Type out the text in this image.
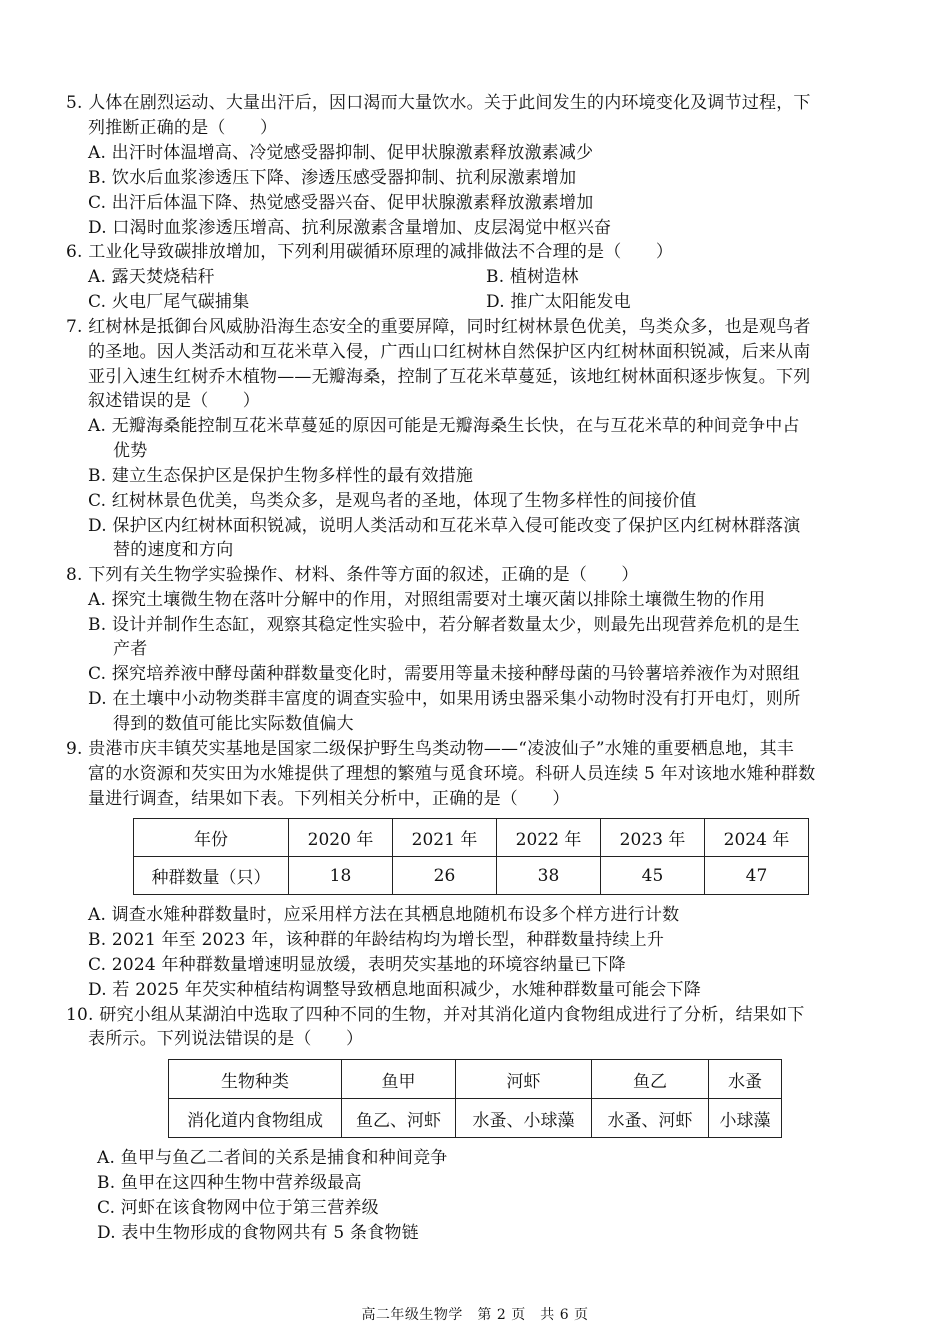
5. 人体在剧烈运动、大量出汗后，因口渴而大量饮水。关于此间发生的内环境变化及调节过程，下
列推断正确的是（　　）
A. 出汗时体温增高、冷觉感受器抑制、促甲状腺激素释放激素减少
B. 饮水后血浆渗透压下降、渗透压感受器抑制、抗利尿激素增加
C. 出汗后体温下降、热觉感受器兴奋、促甲状腺激素释放激素增加
D. 口渴时血浆渗透压增高、抗利尿激素含量增加、皮层渴觉中枢兴奋
6. 工业化导致碳排放增加，下列利用碳循环原理的减排做法不合理的是（　　）
A. 露天焚烧秸秆	B. 植树造林
C. 火电厂尾气碳捕集	D. 推广太阳能发电
7. 红树林是抵御台风威胁沿海生态安全的重要屏障，同时红树林景色优美，鸟类众多，也是观鸟者
的圣地。因人类活动和互花米草入侵，广西山口红树林自然保护区内红树林面积锐减，后来从南
亚引入速生红树乔木植物——无瓣海桑，控制了互花米草蔓延，该地红树林面积逐步恢复。下列
叙述错误的是（　　）
A. 无瓣海桑能控制互花米草蔓延的原因可能是无瓣海桑生长快，在与互花米草的种间竞争中占
优势
B. 建立生态保护区是保护生物多样性的最有效措施
C. 红树林景色优美，鸟类众多，是观鸟者的圣地，体现了生物多样性的间接价值
D. 保护区内红树林面积锐减，说明人类活动和互花米草入侵可能改变了保护区内红树林群落演
替的速度和方向
8. 下列有关生物学实验操作、材料、条件等方面的叙述，正确的是（　　）
A. 探究土壤微生物在落叶分解中的作用，对照组需要对土壤灭菌以排除土壤微生物的作用
B. 设计并制作生态缸，观察其稳定性实验中，若分解者数量太少，则最先出现营养危机的是生
产者
C. 探究培养液中酵母菌种群数量变化时，需要用等量未接种酵母菌的马铃薯培养液作为对照组
D. 在土壤中小动物类群丰富度的调查实验中，如果用诱虫器采集小动物时没有打开电灯，则所
得到的数值可能比实际数值偏大
9. 贵港市庆丰镇芡实基地是国家二级保护野生鸟类动物——“凌波仙子”水雉的重要栖息地，其丰
富的水资源和芡实田为水雉提供了理想的繁殖与觅食环境。科研人员连续 5 年对该地水雉种群数
量进行调查，结果如下表。下列相关分析中，正确的是（　　）
年份	2020 年	2021 年	2022 年	2023 年	2024 年
种群数量（只）	18	26	38	45	47
A. 调查水雉种群数量时，应采用样方法在其栖息地随机布设多个样方进行计数
B. 2021 年至 2023 年，该种群的年龄结构均为增长型，种群数量持续上升
C. 2024 年种群数量增速明显放缓，表明芡实基地的环境容纳量已下降
D. 若 2025 年芡实种植结构调整导致栖息地面积减少，水雉种群数量可能会下降
10. 研究小组从某湖泊中选取了四种不同的生物，并对其消化道内食物组成进行了分析，结果如下
表所示。下列说法错误的是（　　）
生物种类	鱼甲	河虾	鱼乙	水蚤
消化道内食物组成	鱼乙、河虾	水蚤、小球藻	水蚤、河虾	小球藻
A. 鱼甲与鱼乙二者间的关系是捕食和种间竞争
B. 鱼甲在这四种生物中营养级最高
C. 河虾在该食物网中位于第三营养级
D. 表中生物形成的食物网共有 5 条食物链
高二年级生物学　第 2 页　共 6 页
